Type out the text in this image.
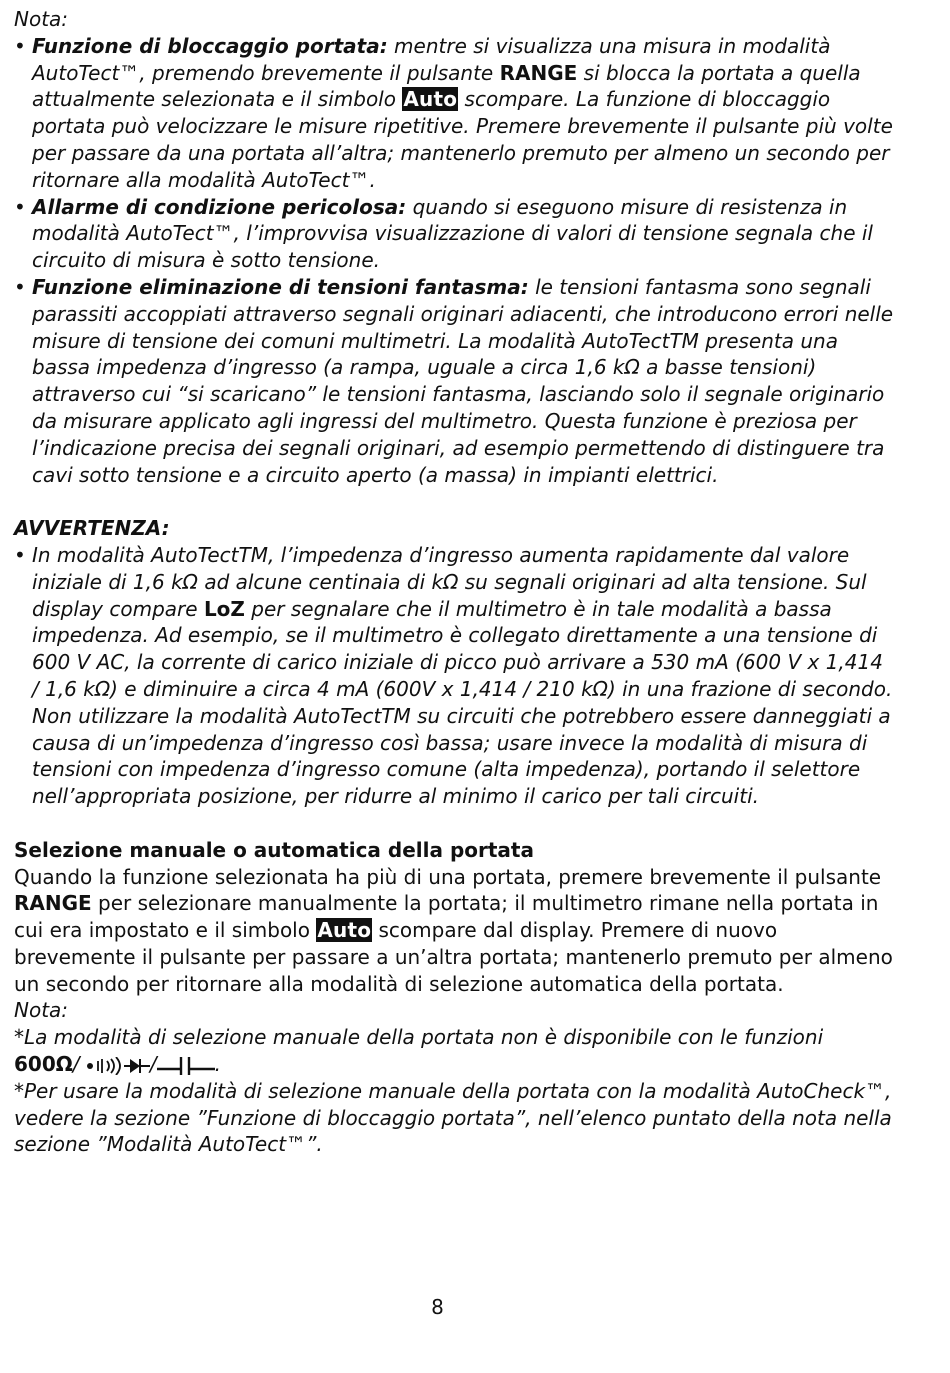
Nota:

• Funzione di bloccaggio portata: mentre si visualizza una misura in modalità AutoTect™, premendo brevemente il pulsante RANGE si blocca la portata a quella attualmente selezionata e il simbolo Auto scompare. La funzione di bloccaggio portata può velocizzare le misure ripetitive. Premere brevemente il pulsante più volte per passare da una portata all’altra; mantenerlo premuto per almeno un secondo per ritornare alla modalità AutoTect™.
• Allarme di condizione pericolosa: quando si eseguono misure di resistenza in modalità AutoTect™, l’improvvisa visualizzazione di valori di tensione segnala che il circuito di misura è sotto tensione.
• Funzione eliminazione di tensioni fantasma: le tensioni fantasma sono segnali parassiti accoppiati attraverso segnali originari adiacenti, che introducono errori nelle misure di tensione dei comuni multimetri. La modalità AutoTectTM presenta una bassa impedenza d’ingresso (a rampa, uguale a circa 1,6 kΩ a basse tensioni) attraverso cui “si scaricano” le tensioni fantasma, lasciando solo il segnale originario da misurare applicato agli ingressi del multimetro. Questa funzione è preziosa per l’indicazione precisa dei segnali originari, ad esempio permettendo di distinguere tra cavi sotto tensione e a circuito aperto (a massa) in impianti elettrici.

AVVERTENZA:

• In modalità AutoTectTM, l’impedenza d’ingresso aumenta rapidamente dal valore iniziale di 1,6 kΩ ad alcune centinaia di kΩ su segnali originari ad alta tensione. Sul display compare LoZ per segnalare che il multimetro è in tale modalità a bassa impedenza. Ad esempio, se il multimetro è collegato direttamente a una tensione di 600 V AC, la corrente di carico iniziale di picco può arrivare a 530 mA (600 V x 1,414 / 1,6 kΩ) e diminuire a circa 4 mA (600V x 1,414 / 210 kΩ) in una frazione di secondo. Non utilizzare la modalità AutoTectTM su circuiti che potrebbero essere danneggiati a causa di un’impedenza d’ingresso così bassa; usare invece la modalità di misura di tensioni con impedenza d’ingresso comune (alta impedenza), portando il selettore nell’appropriata posizione, per ridurre al minimo il carico per tali circuiti.

Selezione manuale o automatica della portata

Quando la funzione selezionata ha più di una portata, premere brevemente il pulsante RANGE per selezionare manualmente la portata; il multimetro rimane nella portata in cui era impostato e il simbolo Auto scompare dal display. Premere di nuovo brevemente il pulsante per passare a un’altra portata; mantenerlo premuto per almeno un secondo per ritornare alla modalità di selezione automatica della portata.

Nota:

*La modalità di selezione manuale della portata non è disponibile con le funzioni 600Ω/	/	.

*Per usare la modalità di selezione manuale della portata con la modalità AutoCheck™, vedere la sezione ”Funzione di bloccaggio portata”, nell’elenco puntato della nota nella sezione ”Modalità AutoTect™”.

8
